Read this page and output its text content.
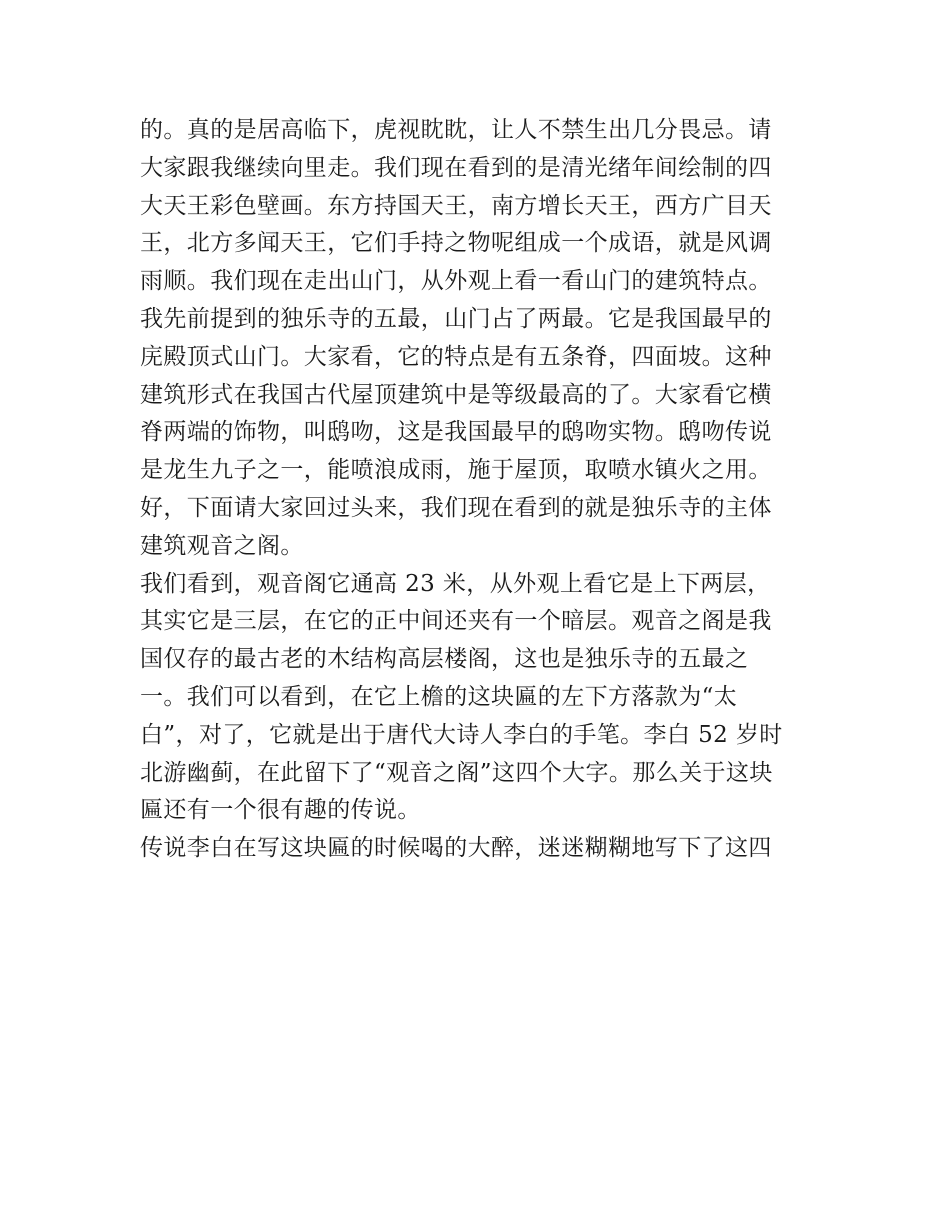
的。真的是居高临下，虎视眈眈，让人不禁生出几分畏忌。请

大家跟我继续向里走。我们现在看到的是清光绪年间绘制的四

大天王彩色壁画。东方持国天王，南方增长天王，西方广目天

王，北方多闻天王，它们手持之物呢组成一个成语，就是风调

雨顺。我们现在走出山门，从外观上看一看山门的建筑特点。

我先前提到的独乐寺的五最，山门占了两最。它是我国最早的

庑殿顶式山门。大家看，它的特点是有五条脊，四面坡。这种

建筑形式在我国古代屋顶建筑中是等级最高的了。大家看它横

脊两端的饰物，叫鸱吻，这是我国最早的鸱吻实物。鸱吻传说

是龙生九子之一，能喷浪成雨，施于屋顶，取喷水镇火之用。

好，下面请大家回过头来，我们现在看到的就是独乐寺的主体

建筑观音之阁。

我们看到，观音阁它通高 23 米，从外观上看它是上下两层，

其实它是三层，在它的正中间还夹有一个暗层。观音之阁是我

国仅存的最古老的木结构高层楼阁，这也是独乐寺的五最之

一。我们可以看到，在它上檐的这块匾的左下方落款为“太

白”，对了，它就是出于唐代大诗人李白的手笔。李白 52 岁时

北游幽蓟，在此留下了“观音之阁”这四个大字。那么关于这块

匾还有一个很有趣的传说。

传说李白在写这块匾的时候喝的大醉，迷迷糊糊地写下了这四
